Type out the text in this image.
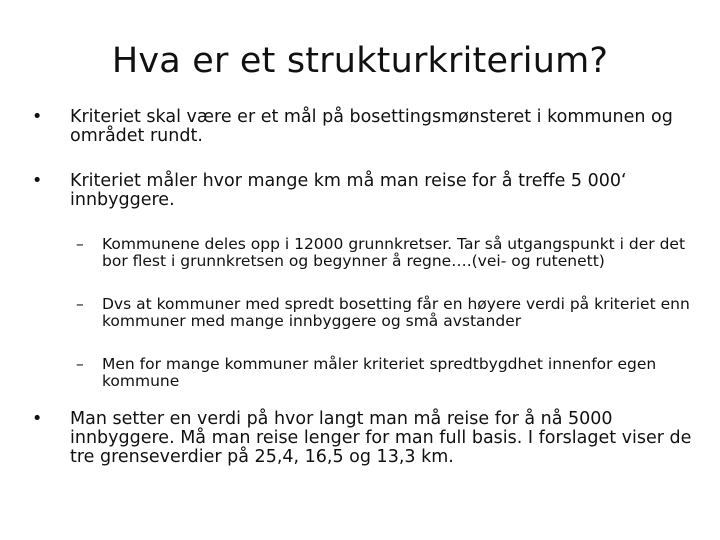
Hva er et strukturkriterium?
• Kriteriet skal være er et mål på bosettingsmønsteret i kommunen og området rundt.
• Kriteriet måler hvor mange km må man reise for å treffe 5 000‘ innbyggere.
– Kommunene deles opp i 12000 grunnkretser. Tar så utgangspunkt i der det bor flest i grunnkretsen og begynner å regne….(vei- og rutenett)
– Dvs at kommuner med spredt bosetting får en høyere verdi på kriteriet enn kommuner med mange innbyggere og små avstander
– Men for mange kommuner måler kriteriet spredtbygdhet innenfor egen kommune
• Man setter en verdi på hvor langt man må reise for å nå 5000 innbyggere. Må man reise lenger for man full basis. I forslaget viser de tre grenseverdier på 25,4, 16,5 og 13,3 km.
